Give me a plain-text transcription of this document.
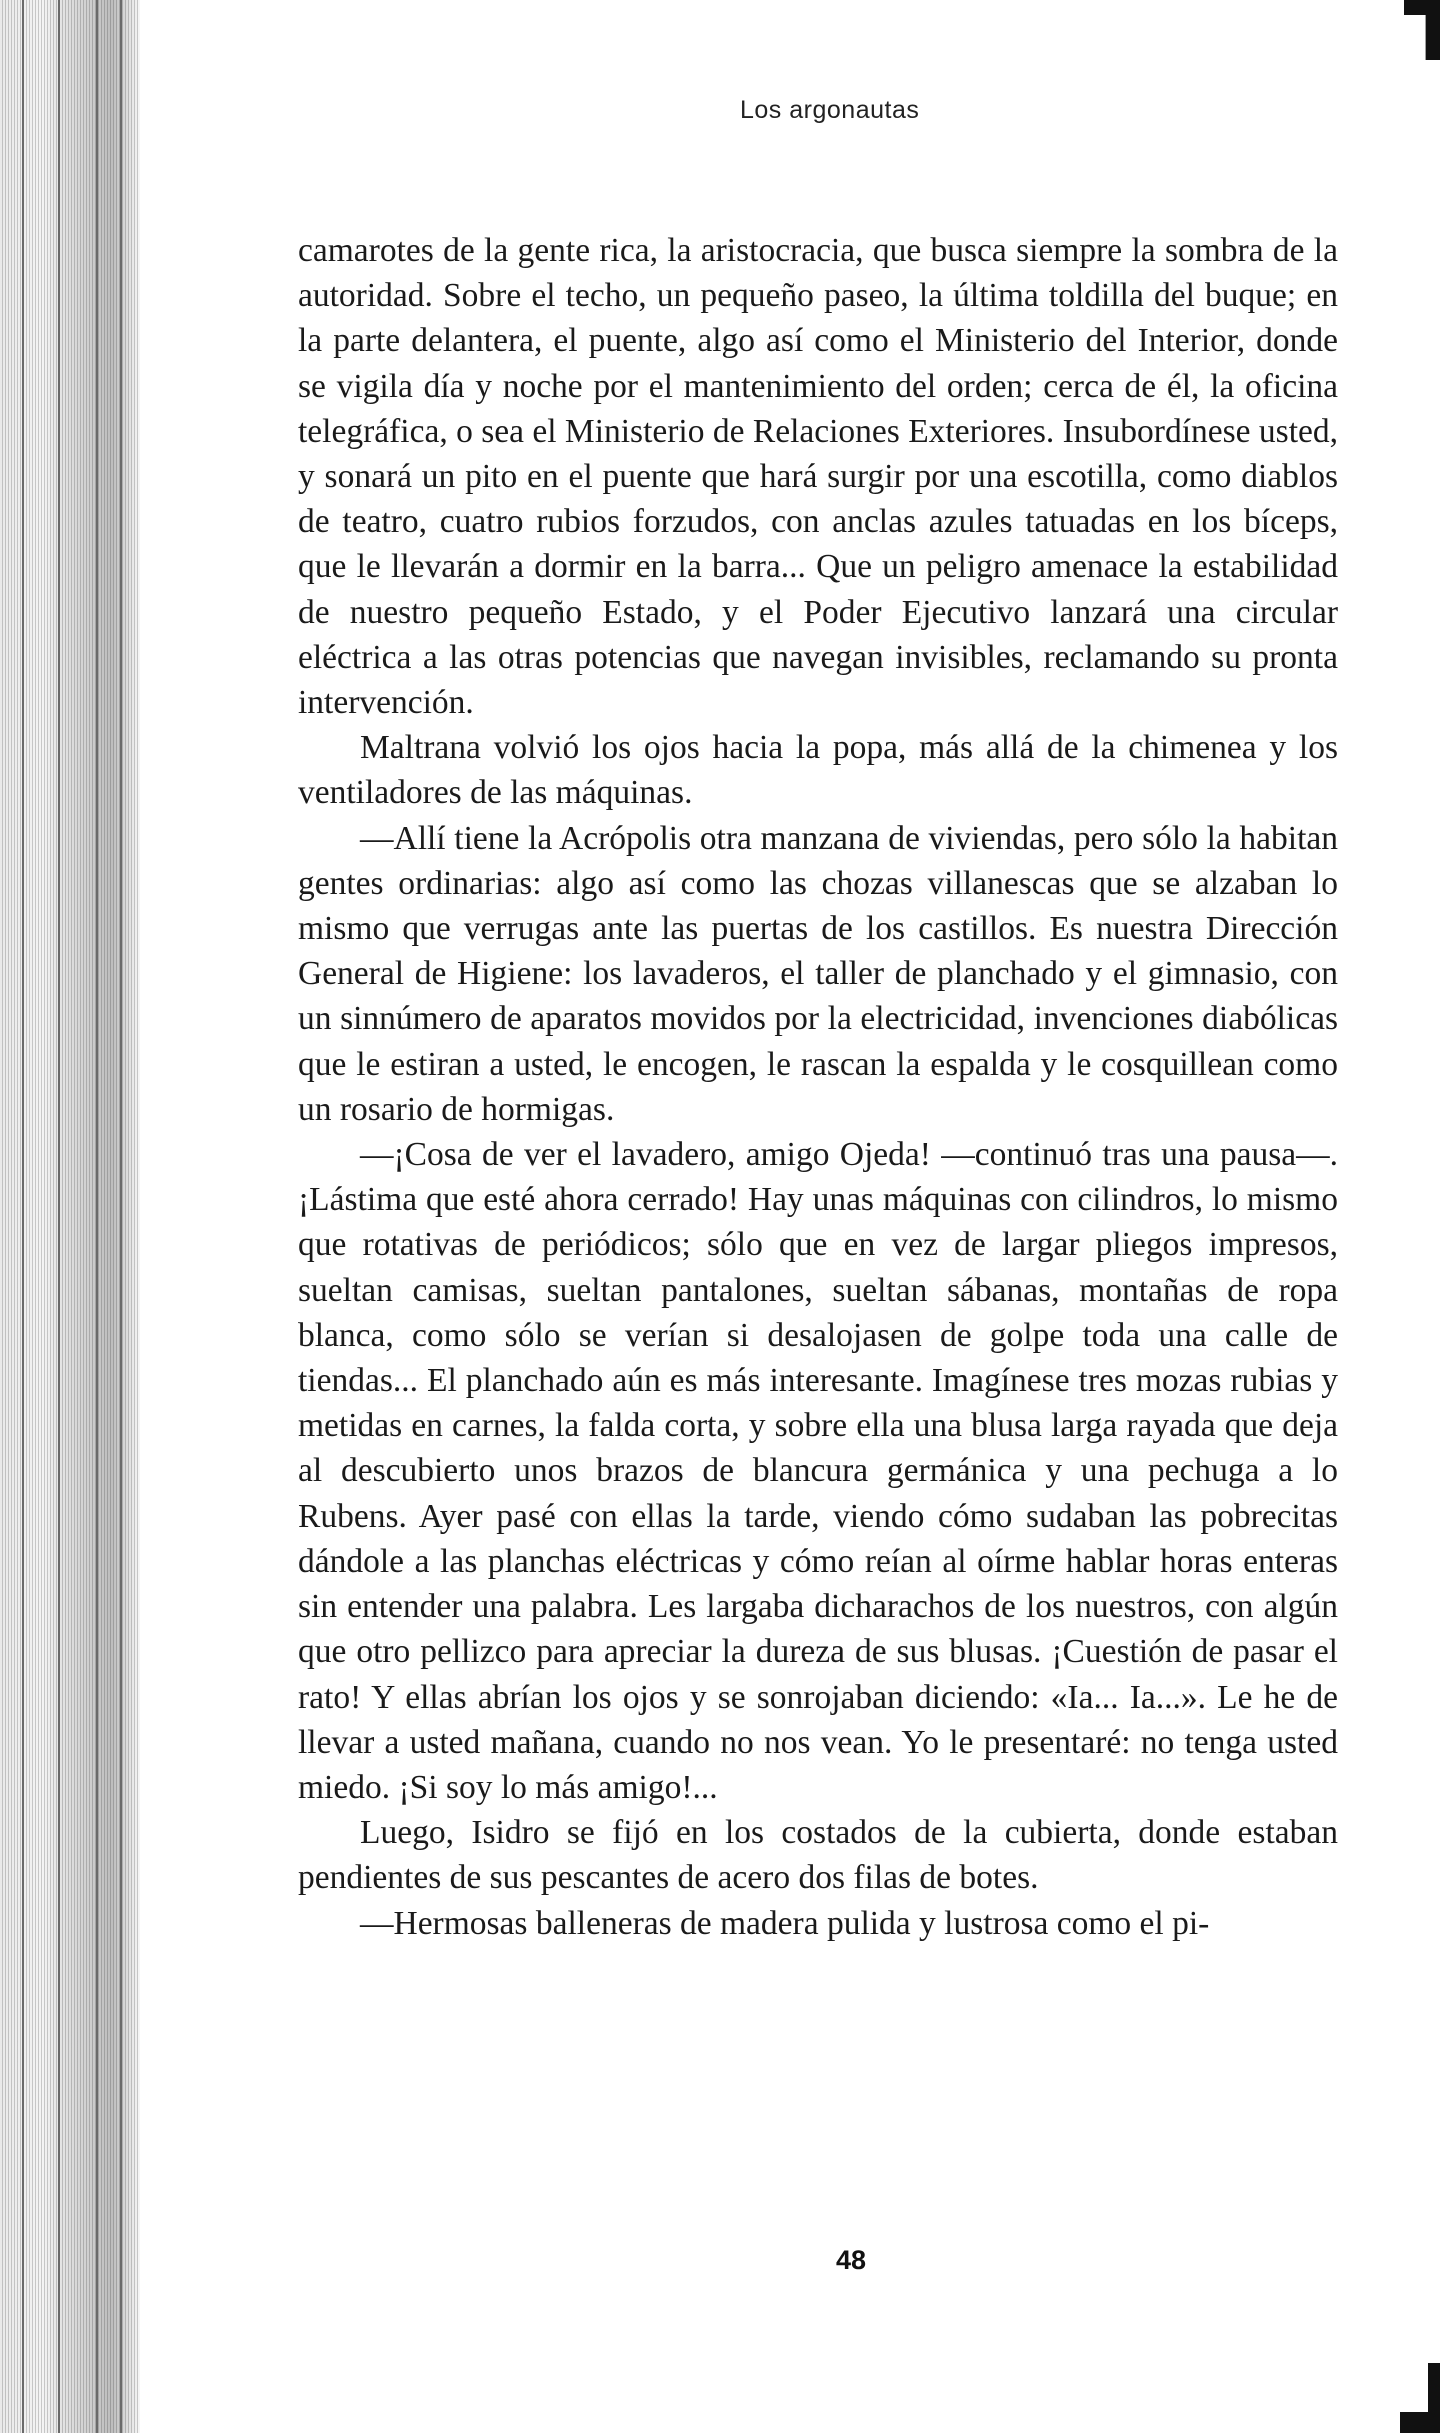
Los argonautas

camarotes de la gente rica, la aristocracia, que busca siempre la sombra de la autoridad. Sobre el techo, un pequeño paseo, la última toldilla del buque; en la parte delantera, el puente, algo así como el Ministerio del Interior, donde se vigila día y noche por el mantenimiento del orden; cerca de él, la oficina telegráfica, o sea el Ministerio de Relaciones Exteriores. Insubordínese usted, y sonará un pito en el puente que hará surgir por una escotilla, como diablos de teatro, cuatro rubios forzudos, con anclas azules tatuadas en los bíceps, que le llevarán a dormir en la barra... Que un peligro amenace la estabilidad de nuestro pequeño Estado, y el Poder Ejecutivo lanzará una circular eléctrica a las otras potencias que navegan invisibles, reclamando su pronta intervención.

Maltrana volvió los ojos hacia la popa, más allá de la chimenea y los ventiladores de las máquinas.

—Allí tiene la Acrópolis otra manzana de viviendas, pero sólo la habitan gentes ordinarias: algo así como las chozas villanescas que se alzaban lo mismo que verrugas ante las puertas de los castillos. Es nuestra Dirección General de Higiene: los lavaderos, el taller de planchado y el gimnasio, con un sinnúmero de aparatos movidos por la electricidad, invenciones diabólicas que le estiran a usted, le encogen, le rascan la espalda y le cosquillean como un rosario de hormigas.

—¡Cosa de ver el lavadero, amigo Ojeda! —continuó tras una pausa—. ¡Lástima que esté ahora cerrado! Hay unas máquinas con cilindros, lo mismo que rotativas de periódicos; sólo que en vez de largar pliegos impresos, sueltan camisas, sueltan pantalones, sueltan sábanas, montañas de ropa blanca, como sólo se verían si desalojasen de golpe toda una calle de tiendas... El planchado aún es más interesante. Imagínese tres mozas rubias y metidas en carnes, la falda corta, y sobre ella una blusa larga rayada que deja al descubierto unos brazos de blancura germánica y una pechuga a lo Rubens. Ayer pasé con ellas la tarde, viendo cómo sudaban las pobrecitas dándole a las planchas eléctricas y cómo reían al oírme hablar horas enteras sin entender una palabra. Les largaba dicharachos de los nuestros, con algún que otro pellizco para apreciar la dureza de sus blusas. ¡Cuestión de pasar el rato! Y ellas abrían los ojos y se sonrojaban diciendo: «Ia... Ia...». Le he de llevar a usted mañana, cuando no nos vean. Yo le presentaré: no tenga usted miedo. ¡Si soy lo más amigo!...

Luego, Isidro se fijó en los costados de la cubierta, donde estaban pendientes de sus pescantes de acero dos filas de botes.

—Hermosas balleneras de madera pulida y lustrosa como el pi-

48
